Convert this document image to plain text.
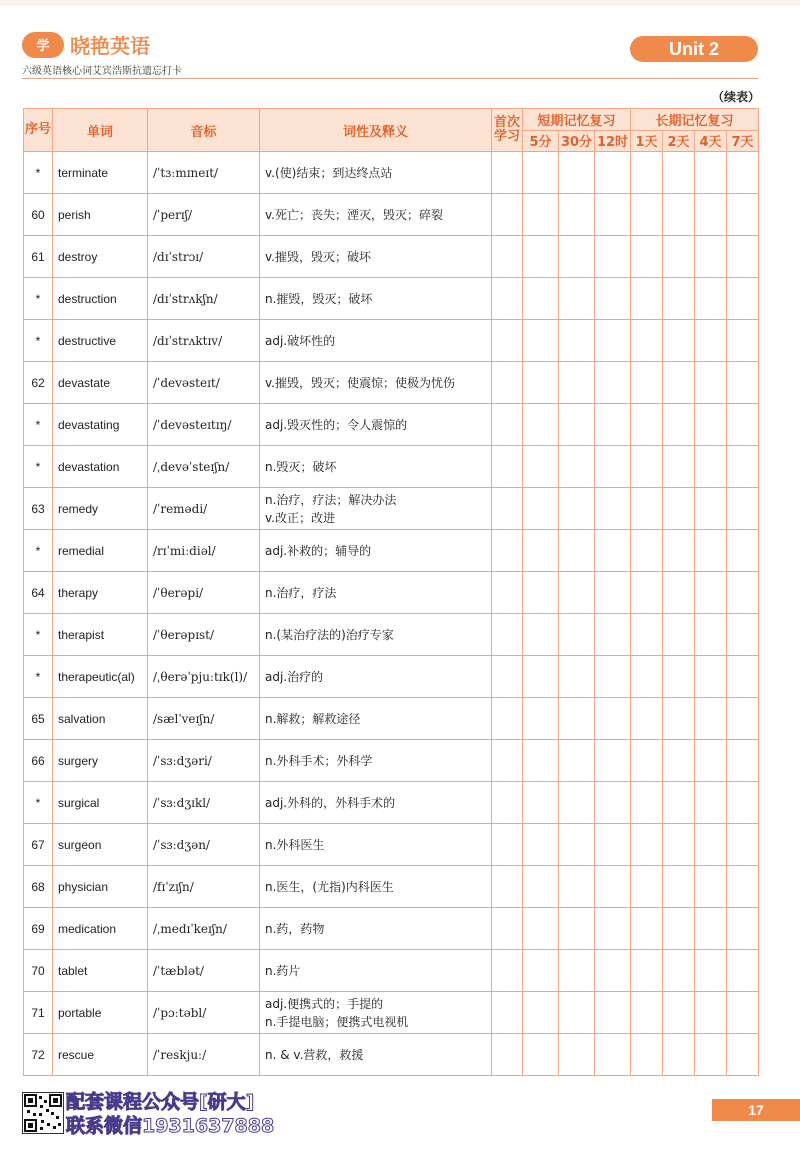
学	晓艳英语
六级英语核心词艾宾浩斯抗遗忘打卡
Unit 2
（续表）
序号	单词	音标	词性及释义	首次学习	短期记忆复习			长期记忆复习			
					5分	30分	12时	1天	2天	4天	7天
*	terminate	/ˈtɜːmɪneɪt/	v.(使)结束；到达终点站								

60	perish	/ˈperɪʃ/	v.死亡；丧失；湮灭，毁灭；碎裂								

61	destroy	/dɪˈstrɔɪ/	v.摧毁，毁灭；破坏								

*	destruction	/dɪˈstrʌkʃn/	n.摧毁，毁灭；破坏								

*	destructive	/dɪˈstrʌktɪv/	adj.破坏性的								

62	devastate	/ˈdevəsteɪt/	v.摧毁，毁灭；使震惊；使极为忧伤								

*	devastating	/ˈdevəsteɪtɪŋ/	adj.毁灭性的；令人震惊的								

*	devastation	/ˌdevəˈsteɪʃn/	n.毁灭；破坏								

63	remedy	/ˈremədi/	n.治疗，疗法；解决办法
v.改正；改进								

*	remedial	/rɪˈmiːdiəl/	adj.补救的；辅导的								

64	therapy	/ˈθerəpi/	n.治疗，疗法								

*	therapist	/ˈθerəpɪst/	n.(某治疗法的)治疗专家								

*	therapeutic(al)	/ˌθerəˈpjuːtɪk(l)/	adj.治疗的								

65	salvation	/sælˈveɪʃn/	n.解救；解救途径								

66	surgery	/ˈsɜːdʒəri/	n.外科手术；外科学								

*	surgical	/ˈsɜːdʒɪkl/	adj.外科的，外科手术的								

67	surgeon	/ˈsɜːdʒən/	n.外科医生								

68	physician	/fɪˈzɪʃn/	n.医生，(尤指)内科医生								

69	medication	/ˌmedɪˈkeɪʃn/	n.药，药物								

70	tablet	/ˈtæblət/	n.药片								

71	portable	/ˈpɔːtəbl/	adj.便携式的；手提的
n.手提电脑；便携式电视机								

72	rescue	/ˈreskjuː/	n. & v.营救，救援								

配套课程公众号[研大]
联系微信1931637888
17
